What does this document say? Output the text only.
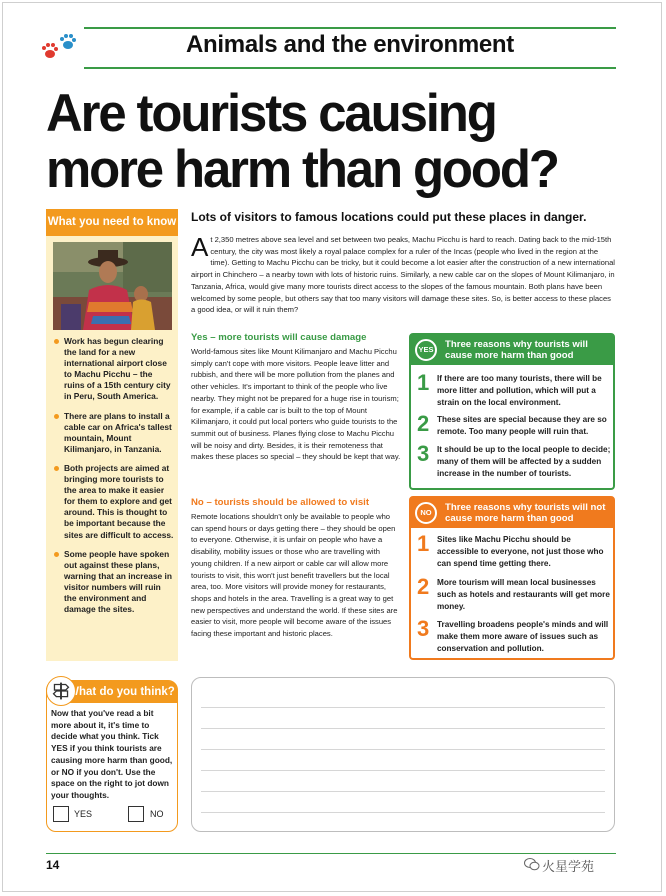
Animals and the environment
Are tourists causing more harm than good?
What you need to know
Work has begun clearing the land for a new international airport close to Machu Picchu – the ruins of a 15th century city in Peru, South America.
There are plans to install a cable car on Africa's tallest mountain, Mount Kilimanjaro, in Tanzania.
Both projects are aimed at bringing more tourists to the area to make it easier for them to explore and get around. This is thought to be important because the sites are difficult to access.
Some people have spoken out against these plans, warning that an increase in visitor numbers will ruin the environment and damage the sites.
Lots of visitors to famous locations could put these places in danger.
At 2,350 metres above sea level and set between two peaks, Machu Picchu is hard to reach. Dating back to the mid-15th century, the city was most likely a royal palace complex for a ruler of the Incas (people who lived in the region at the time). Getting to Machu Picchu can be tricky, but it could become a lot easier after the construction of a new international airport in Chinchero – a nearby town with lots of historic ruins. Similarly, a new cable car on the slopes of Mount Kilimanjaro, in Tanzania, Africa, would give many more tourists direct access to the slopes of the famous mountain. Both plans have been welcomed by some people, but others say that too many visitors will damage these sites. So, is better access to these places a good idea, or will it ruin them?
Yes – more tourists will cause damage
World-famous sites like Mount Kilimanjaro and Machu Picchu simply can't cope with more visitors. People leave litter and rubbish, and there will be more pollution from the planes and other vehicles. It's important to think of the people who live nearby. They might not be prepared for a huge rise in tourism; for example, if a cable car is built to the top of Mount Kilimanjaro, it could put local porters who guide tourists to the summit out of business. Planes flying close to Machu Picchu will be noisy and dirty. Besides, it is their remoteness that makes these places so special – they should be kept that way.
No – tourists should be allowed to visit
Remote locations shouldn't only be available to people who can spend hours or days getting there – they should be open to everyone. Otherwise, it is unfair on people who have a disability, mobility issues or those who are travelling with young children. If a new airport or cable car will allow more tourists to visit, this won't just benefit travellers but the local area, too. More visitors will provide money for restaurants, shops and hotels in the area. Travelling is a great way to get new perspectives and understand the world. If these sites are easier to visit, more people will become aware of the issues facing these important and historic places.
YES	Three reasons why tourists will cause more harm than good
1 If there are too many tourists, there will be more litter and pollution, which will put a strain on the local environment.
2 These sites are special because they are so remote. Too many people will ruin that.
3 It should be up to the local people to decide; many of them will be affected by a sudden increase in the number of tourists.
NO	Three reasons why tourists will not cause more harm than good
1 Sites like Machu Picchu should be accessible to everyone, not just those who can spend time getting there.
2 More tourism will mean local businesses such as hotels and restaurants will get more money.
3 Travelling broadens people's minds and will make them more aware of issues such as conservation and pollution.
What do you think?
Now that you've read a bit more about it, it's time to decide what you think. Tick YES if you think tourists are causing more harm than good, or NO if you don't. Use the space on the right to jot down your thoughts.
YES	NO
14	火星学苑
